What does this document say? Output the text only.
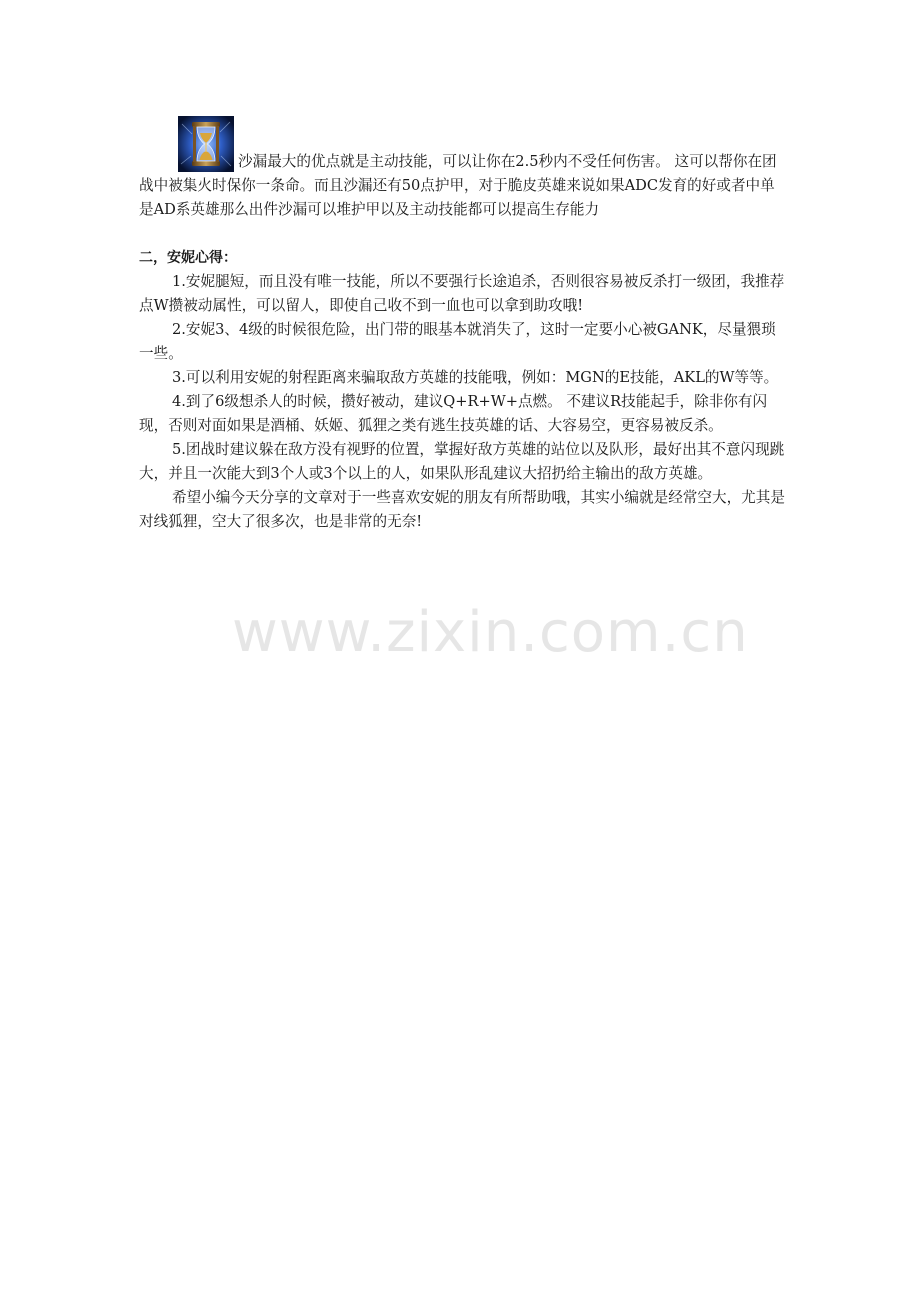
沙漏最大的优点就是主动技能，可以让你在2.5秒内不受任何伤害。 这可以帮你在团战中被集火时保你一条命。而且沙漏还有50点护甲，对于脆皮英雄来说如果ADC发育的好或者中单是AD系英雄那么出件沙漏可以堆护甲以及主动技能都可以提高生存能力

二，安妮心得：

1.安妮腿短，而且没有唯一技能，所以不要强行长途追杀，否则很容易被反杀打一级团，我推荐点W攒被动属性，可以留人，即使自己收不到一血也可以拿到助攻哦!

2.安妮3、4级的时候很危险，出门带的眼基本就消失了，这时一定要小心被GANK，尽量猥琐一些。

3.可以利用安妮的射程距离来骗取敌方英雄的技能哦，例如：MGN的E技能，AKL的W等等。

4.到了6级想杀人的时候，攒好被动，建议Q+R+W+点燃。 不建议R技能起手，除非你有闪现，否则对面如果是酒桶、妖姬、狐狸之类有逃生技英雄的话、大容易空，更容易被反杀。

5.团战时建议躲在敌方没有视野的位置，掌握好敌方英雄的站位以及队形，最好出其不意闪现跳大，并且一次能大到3个人或3个以上的人，如果队形乱建议大招扔给主输出的敌方英雄。

希望小编今天分享的文章对于一些喜欢安妮的朋友有所帮助哦，其实小编就是经常空大，尤其是对线狐狸，空大了很多次，也是非常的无奈!

www.zixin.com.cn
